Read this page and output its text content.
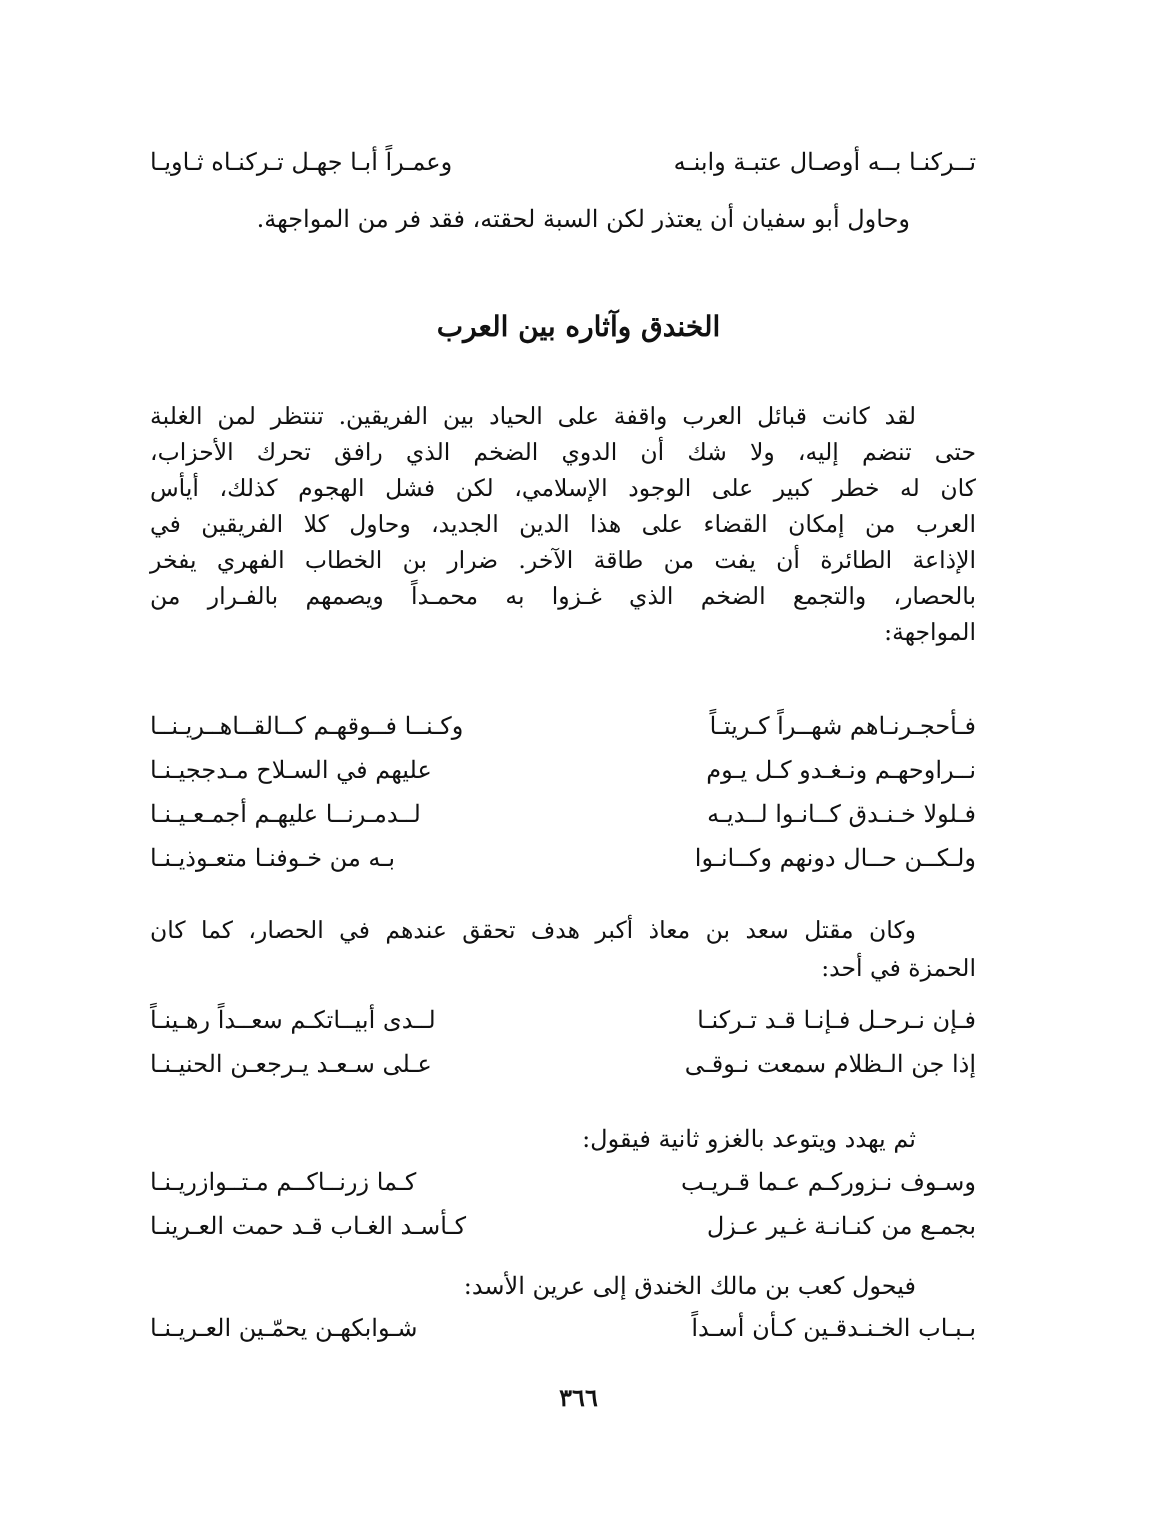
تــركنـا بــه أوصـال عتبـة وابنـه
وعمـراً أبـا جهـل تـركنـاه ثـاويـا
وحاول أبو سفيان أن يعتذر لكن السبة لحقته، فقد فر من المواجهة.
الخندق وآثاره بين العرب
لقد كانت قبائل العرب واقفة على الحياد بين الفريقين. تنتظر لمن الغلبة
حتى تنضم إليه، ولا شك أن الدوي الضخم الذي رافق تحرك الأحزاب،
كان له خطر كبير على الوجود الإسلامي، لكن فشل الهجوم كذلك، أيأس
العرب من إمكان القضاء على هذا الدين الجديد، وحاول كلا الفريقين في
الإذاعة الطائرة أن يفت من طاقة الآخر. ضرار بن الخطاب الفهري يفخر
بالحصار، والتجمع الضخم الذي غـزوا به محمـداً ويصمهم بالفـرار من
المواجهة:
فـأحجـرنـاهم شهــراً كـريتـاً
وكـنــا فــوقهـم كــالقــاهــريـنــا
نــراوحهـم ونـغـدو كـل يـوم
عليهم في السـلاح مـدججيـنـا
فـلولا خـنـدق كــانـوا لــديـه
لــدمـرنــا عليهـم أجمـعـيـنـا
ولـكــن حــال دونهم وكــانـوا
بـه من خـوفنـا متعـوذيـنـا
وكان مقتل سعد بن معاذ أكبر هدف تحقق عندهم في الحصار، كما كان
الحمزة في أحد:
فـإن نـرحـل فـإنـا قـد تـركنـا
لــدى أبيــاتكـم سعــداً رهـينـاً
إذا جن الـظلام سمعت نـوقـى
عـلى سـعـد يـرجعـن الحنيـنـا
ثم يهدد ويتوعد بالغزو ثانية فيقول:
وسـوف نـزوركـم عـما قـريـب
كـما زرنــاكــم مـتــوازريـنـا
بجمـع من كنـانـة غـير عـزل
كـأسـد الغـاب قـد حمت العـرينـا
فيحول كعب بن مالك الخندق إلى عرين الأسد:
بـبـاب الخـنـدقـين كـأن أسـداً
شـوابكهـن يحمّـين العـريـنـا
٣٦٦
